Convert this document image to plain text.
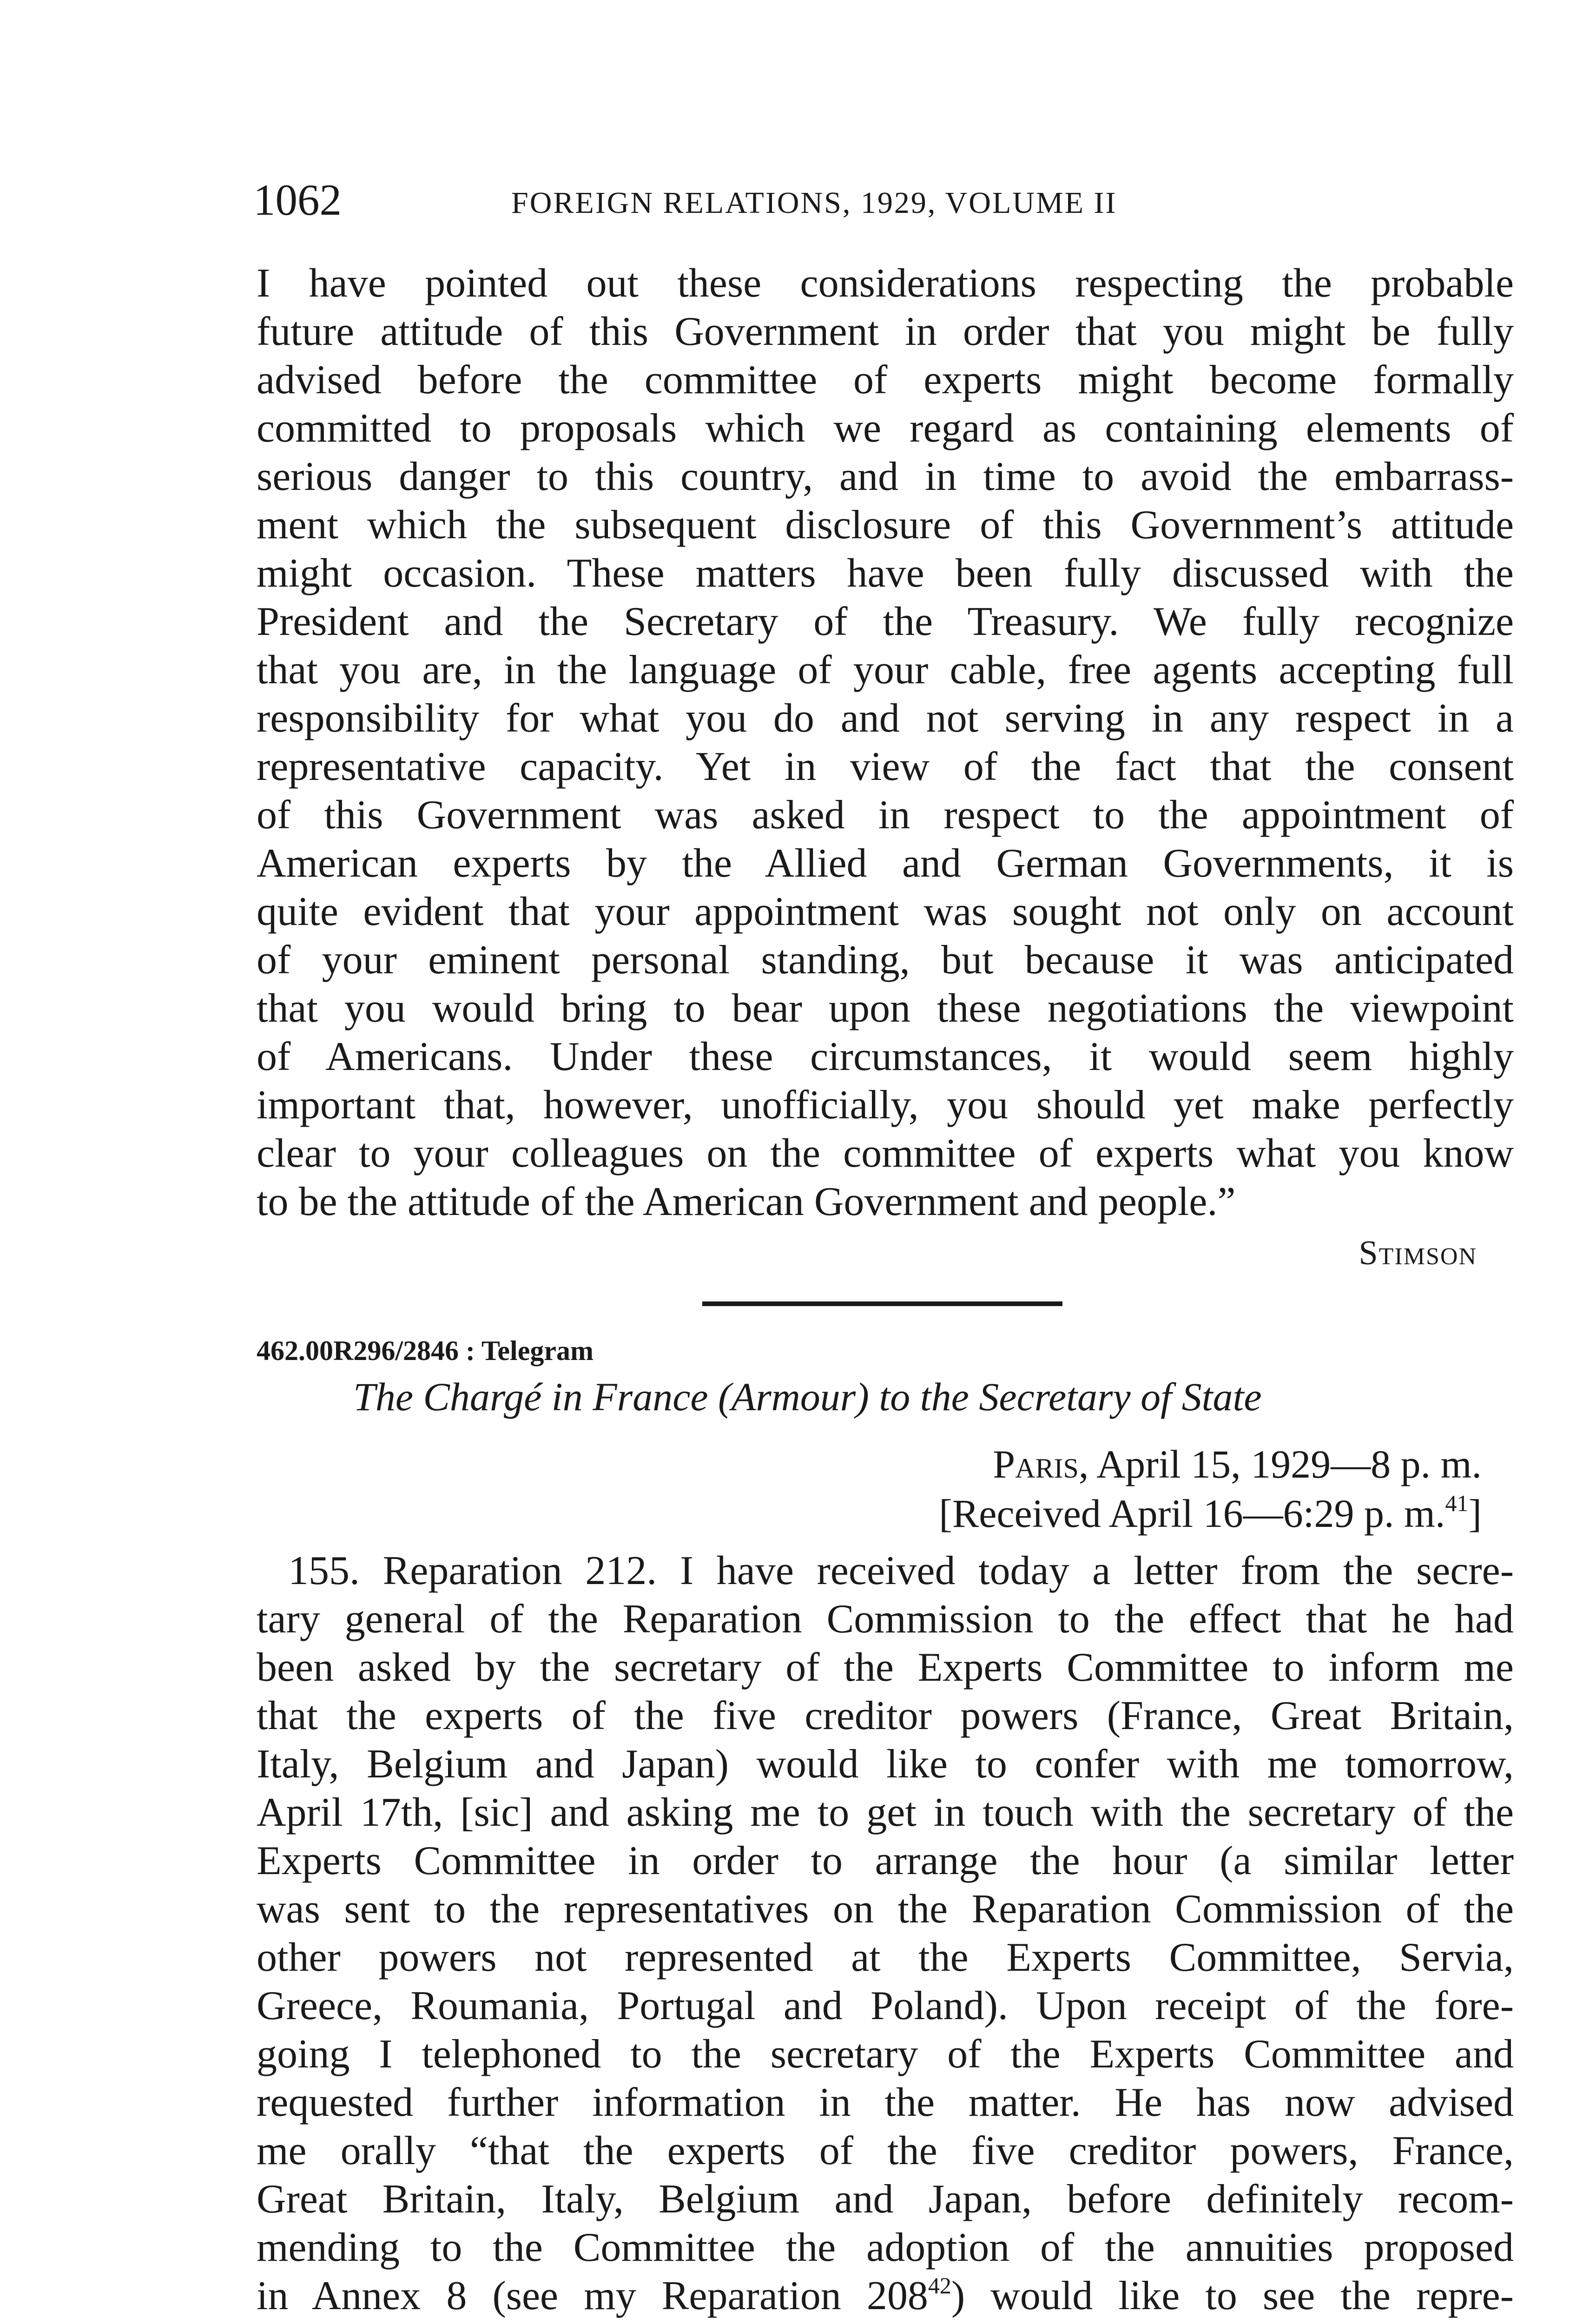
1062	FOREIGN RELATIONS, 1929, VOLUME II
I have pointed out these considerations respecting the probable
future attitude of this Government in order that you might be fully
advised before the committee of experts might become formally
committed to proposals which we regard as containing elements of
serious danger to this country, and in time to avoid the embarrass-
ment which the subsequent disclosure of this Government’s attitude
might occasion. These matters have been fully discussed with the
President and the Secretary of the Treasury. We fully recognize
that you are, in the language of your cable, free agents accepting full
responsibility for what you do and not serving in any respect in a
representative capacity. Yet in view of the fact that the consent
of this Government was asked in respect to the appointment of
American experts by the Allied and German Governments, it is
quite evident that your appointment was sought not only on account
of your eminent personal standing, but because it was anticipated
that you would bring to bear upon these negotiations the viewpoint
of Americans. Under these circumstances, it would seem highly
important that, however, unofficially, you should yet make perfectly
clear to your colleagues on the committee of experts what you know
to be the attitude of the American Government and people.”
Stimson
462.00R296/2846 : Telegram
The Chargé in France (Armour) to the Secretary of State
Paris, April 15, 1929—8 p. m.
[Received April 16—6:29 p. m.$^{41}$]
155. Reparation 212. I have received today a letter from the secre-
tary general of the Reparation Commission to the effect that he had
been asked by the secretary of the Experts Committee to inform me
that the experts of the five creditor powers (France, Great Britain,
Italy, Belgium and Japan) would like to confer with me tomorrow,
April 17th, [sic] and asking me to get in touch with the secretary of the
Experts Committee in order to arrange the hour (a similar letter
was sent to the representatives on the Reparation Commission of the
other powers not represented at the Experts Committee, Servia,
Greece, Roumania, Portugal and Poland). Upon receipt of the fore-
going I telephoned to the secretary of the Experts Committee and
requested further information in the matter. He has now advised
me orally “that the experts of the five creditor powers, France,
Great Britain, Italy, Belgium and Japan, before definitely recom-
mending to the Committee the adoption of the annuities proposed
in Annex 8 (see my Reparation $208^{42}$) would like to see the repre-
